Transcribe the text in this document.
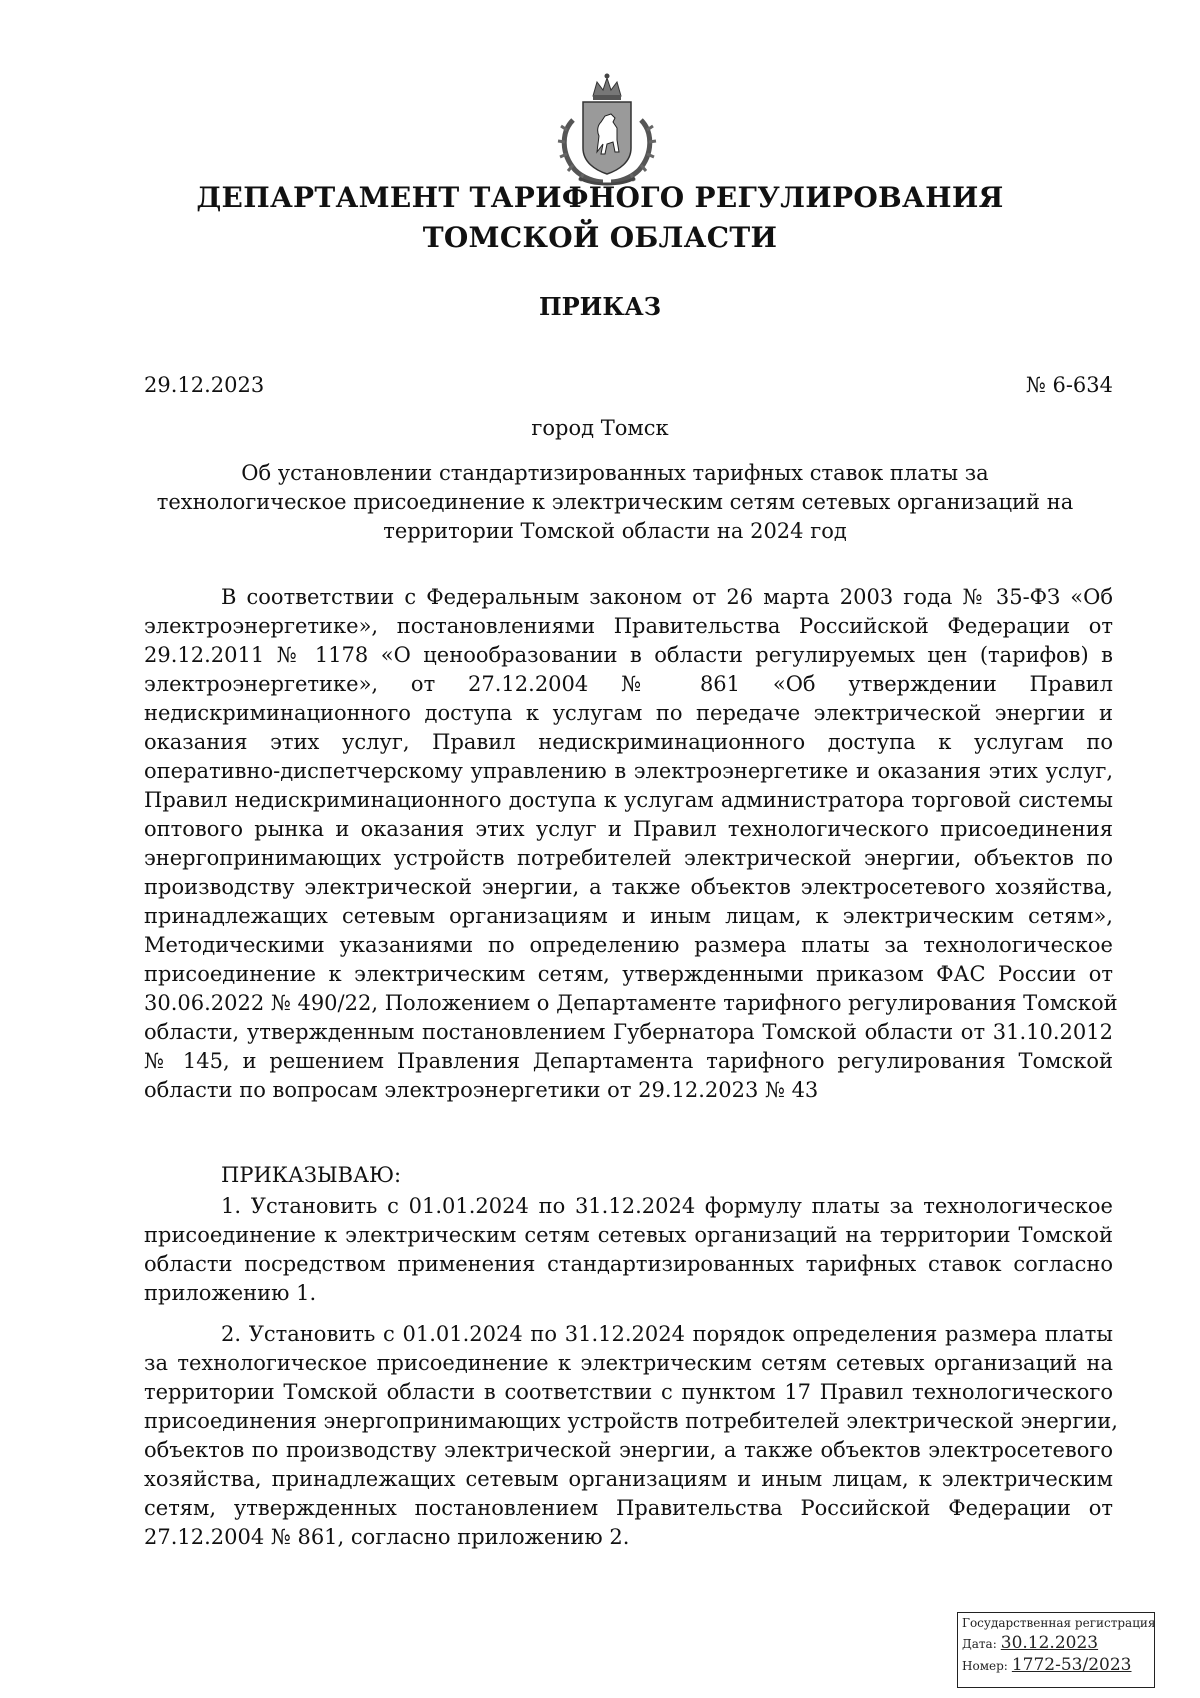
ДЕПАРТАМЕНТ ТАРИФНОГО РЕГУЛИРОВАНИЯ
ТОМСКОЙ ОБЛАСТИ
ПРИКАЗ
29.12.2023	№ 6-634
город Томск
Об установлении стандартизированных тарифных ставок платы за
технологическое присоединение к электрическим сетям сетевых организаций на
территории Томской области на 2024 год
В соответствии с Федеральным законом от 26 марта 2003 года № 35-ФЗ «Об
электроэнергетике», постановлениями Правительства Российской Федерации от
29.12.2011 № 1178 «О ценообразовании в области регулируемых цен (тарифов) в
электроэнергетике», от 27.12.2004 № 861 «Об утверждении Правил
недискриминационного доступа к услугам по передаче электрической энергии и
оказания этих услуг, Правил недискриминационного доступа к услугам по
оперативно-диспетчерскому управлению в электроэнергетике и оказания этих услуг,
Правил недискриминационного доступа к услугам администратора торговой системы
оптового рынка и оказания этих услуг и Правил технологического присоединения
энергопринимающих устройств потребителей электрической энергии, объектов по
производству электрической энергии, а также объектов электросетевого хозяйства,
принадлежащих сетевым организациям и иным лицам, к электрическим сетям»,
Методическими указаниями по определению размера платы за технологическое
присоединение к электрическим сетям, утвержденными приказом ФАС России от
30.06.2022 № 490/22, Положением о Департаменте тарифного регулирования Томской
области, утвержденным постановлением Губернатора Томской области от 31.10.2012
№ 145, и решением Правления Департамента тарифного регулирования Томской
области по вопросам электроэнергетики от 29.12.2023 № 43
ПРИКАЗЫВАЮ:
1. Установить с 01.01.2024 по 31.12.2024 формулу платы за технологическое
присоединение к электрическим сетям сетевых организаций на территории Томской
области посредством применения стандартизированных тарифных ставок согласно
приложению 1.
2. Установить с 01.01.2024 по 31.12.2024 порядок определения размера платы
за технологическое присоединение к электрическим сетям сетевых организаций на
территории Томской области в соответствии с пунктом 17 Правил технологического
присоединения энергопринимающих устройств потребителей электрической энергии,
объектов по производству электрической энергии, а также объектов электросетевого
хозяйства, принадлежащих сетевым организациям и иным лицам, к электрическим
сетям, утвержденных постановлением Правительства Российской Федерации от
27.12.2004 № 861, согласно приложению 2.
Государственная регистрация
Дата: 30.12.2023
Номер: 1772-53/2023
